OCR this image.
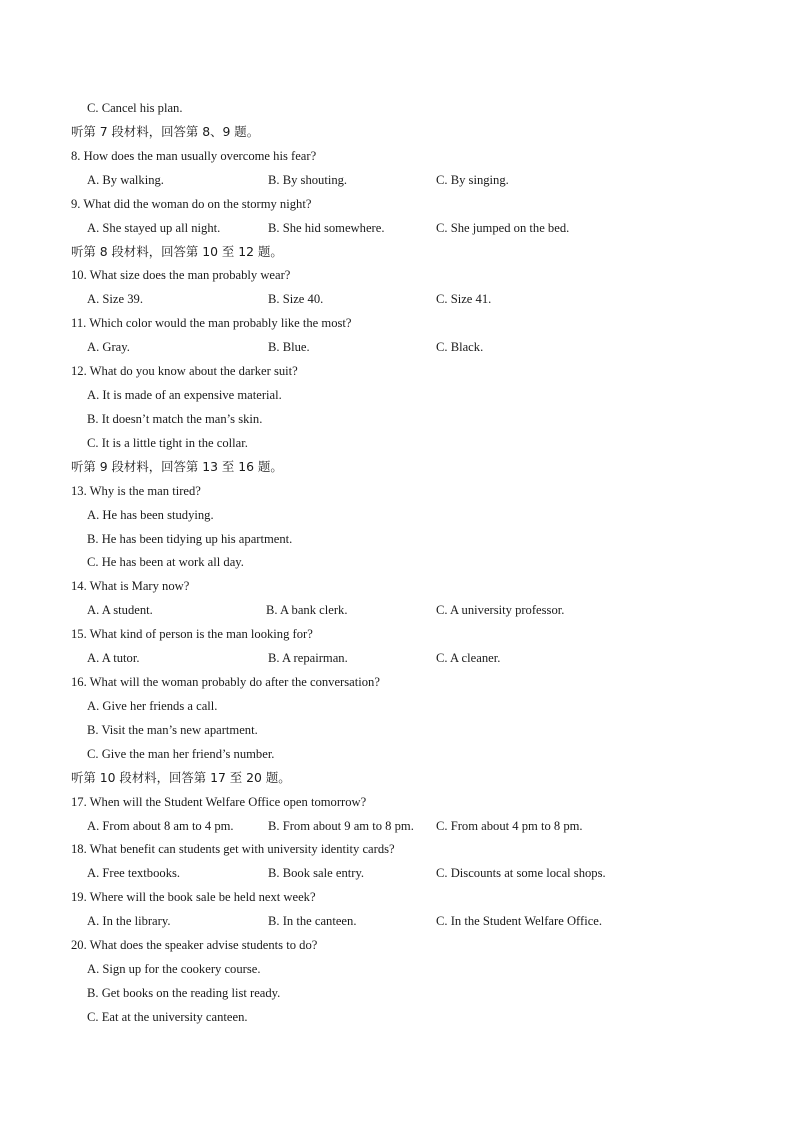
C. Cancel his plan.
听第 7 段材料，回答第 8、9 题。
8. How does the man usually overcome his fear?
A. By walking.	B. By shouting.	C. By singing.
9. What did the woman do on the stormy night?
A. She stayed up all night.	B. She hid somewhere.	C. She jumped on the bed.
听第 8 段材料，回答第 10 至 12 题。
10. What size does the man probably wear?
A. Size 39.	B. Size 40.	C. Size 41.
11. Which color would the man probably like the most?
A. Gray.	B. Blue.	C. Black.
12. What do you know about the darker suit?
A. It is made of an expensive material.
B. It doesn’t match the man’s skin.
C. It is a little tight in the collar.
听第 9 段材料，回答第 13 至 16 题。
13. Why is the man tired?
A. He has been studying.
B. He has been tidying up his apartment.
C. He has been at work all day.
14. What is Mary now?
A. A student.	B. A bank clerk.	C. A university professor.
15. What kind of person is the man looking for?
A. A tutor.	B. A repairman.	C. A cleaner.
16. What will the woman probably do after the conversation?
A. Give her friends a call.
B. Visit the man’s new apartment.
C. Give the man her friend’s number.
听第 10 段材料，回答第 17 至 20 题。
17. When will the Student Welfare Office open tomorrow?
A. From about 8 am to 4 pm.	B. From about 9 am to 8 pm. C. From about 4 pm to 8 pm.
18. What benefit can students get with university identity cards?
A. Free textbooks.	B. Book sale entry.	C. Discounts at some local shops.
19. Where will the book sale be held next week?
A. In the library.	B. In the canteen.	C. In the Student Welfare Office.
20. What does the speaker advise students to do?
A. Sign up for the cookery course.
B. Get books on the reading list ready.
C. Eat at the university canteen.
